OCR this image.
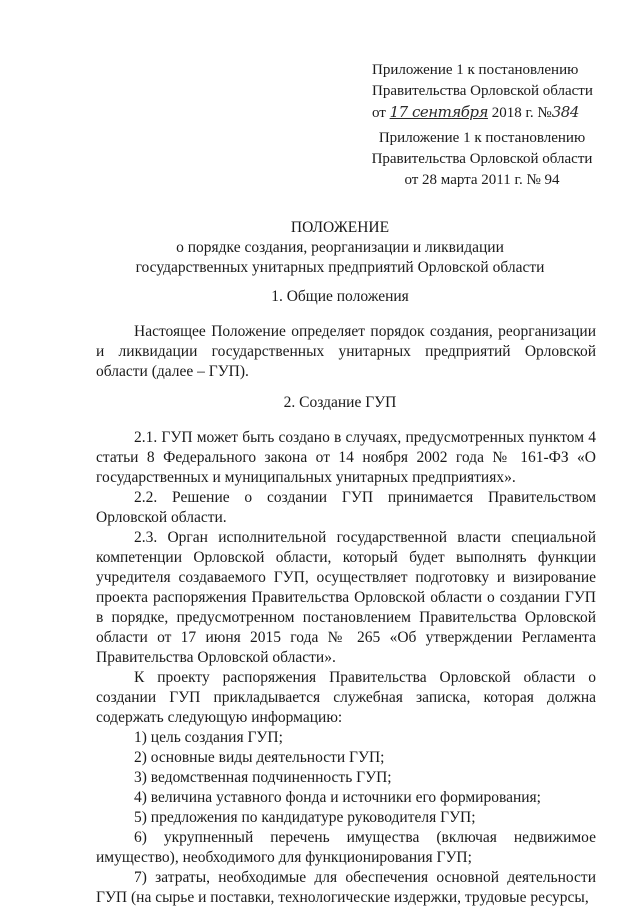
Приложение 1 к постановлению
Правительства Орловской области
от 17 сентября 2018 г. №384
Приложение 1 к постановлению
Правительства Орловской области
от 28 марта 2011 г. № 94
ПОЛОЖЕНИЕ
о порядке создания, реорганизации и ликвидации
государственных унитарных предприятий Орловской области
1. Общие положения

Настоящее Положение определяет порядок создания, реорганизации и ликвидации государственных унитарных предприятий Орловской области (далее – ГУП).

2. Создание ГУП

2.1. ГУП может быть создано в случаях, предусмотренных пунктом 4 статьи 8 Федерального закона от 14 ноября 2002 года № 161-ФЗ «О государственных и муниципальных унитарных предприятиях».

2.2. Решение о создании ГУП принимается Правительством Орловской области.

2.3. Орган исполнительной государственной власти специальной компетенции Орловской области, который будет выполнять функции учредителя создаваемого ГУП, осуществляет подготовку и визирование проекта распоряжения Правительства Орловской области о создании ГУП в порядке, предусмотренном постановлением Правительства Орловской области от 17 июня 2015 года № 265 «Об утверждении Регламента Правительства Орловской области».

К проекту распоряжения Правительства Орловской области о создании ГУП прикладывается служебная записка, которая должна содержать следующую информацию:

1) цель создания ГУП;

2) основные виды деятельности ГУП;

3) ведомственная подчиненность ГУП;

4) величина уставного фонда и источники его формирования;

5) предложения по кандидатуре руководителя ГУП;

6) укрупненный перечень имущества (включая недвижимое имущество), необходимого для функционирования ГУП;

7) затраты, необходимые для обеспечения основной деятельности ГУП (на сырье и поставки, технологические издержки, трудовые ресурсы,
